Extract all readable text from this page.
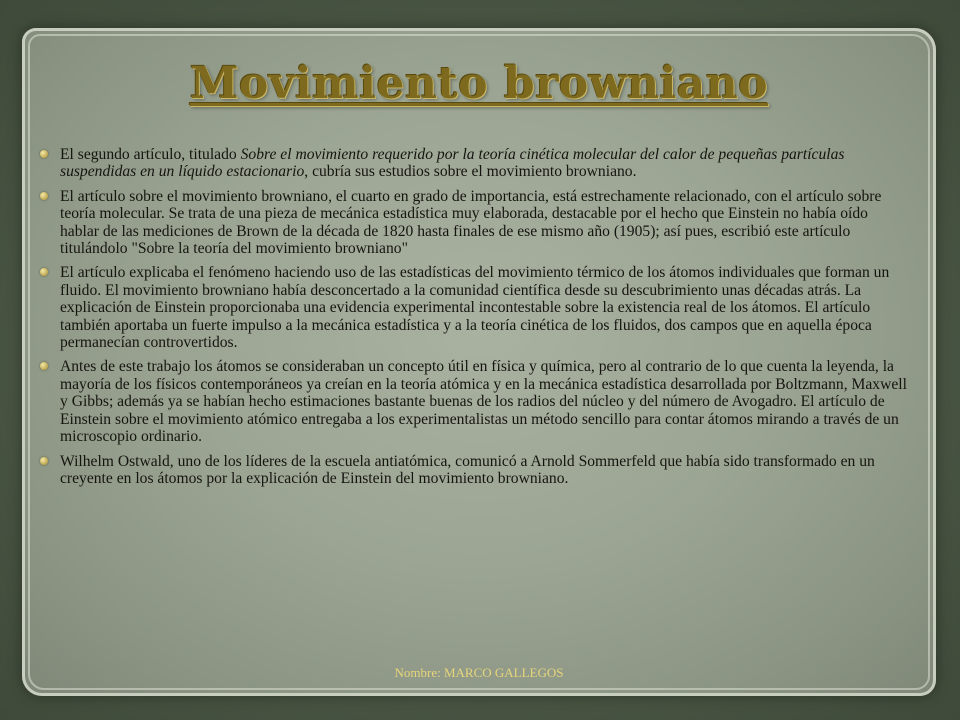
Movimiento browniano
El segundo artículo, titulado Sobre el movimiento requerido por la teoría cinética molecular del calor de pequeñas partículas suspendidas en un líquido estacionario, cubría sus estudios sobre el movimiento browniano.
El artículo sobre el movimiento browniano, el cuarto en grado de importancia, está estrechamente relacionado, con el artículo sobre teoría molecular. Se trata de una pieza de mecánica estadística muy elaborada, destacable por el hecho que Einstein no había oído hablar de las mediciones de Brown de la década de 1820 hasta finales de ese mismo año (1905); así pues, escribió este artículo titulándolo "Sobre la teoría del movimiento browniano"
El artículo explicaba el fenómeno haciendo uso de las estadísticas del movimiento térmico de los átomos individuales que forman un fluido. El movimiento browniano había desconcertado a la comunidad científica desde su descubrimiento unas décadas atrás. La explicación de Einstein proporcionaba una evidencia experimental incontestable sobre la existencia real de los átomos. El artículo también aportaba un fuerte impulso a la mecánica estadística y a la teoría cinética de los fluidos, dos campos que en aquella época permanecían controvertidos.
Antes de este trabajo los átomos se consideraban un concepto útil en física y química, pero al contrario de lo que cuenta la leyenda, la mayoría de los físicos contemporáneos ya creían en la teoría atómica y en la mecánica estadística desarrollada por Boltzmann, Maxwell y Gibbs; además ya se habían hecho estimaciones bastante buenas de los radios del núcleo y del número de Avogadro. El artículo de Einstein sobre el movimiento atómico entregaba a los experimentalistas un método sencillo para contar átomos mirando a través de un microscopio ordinario.
Wilhelm Ostwald, uno de los líderes de la escuela antiatómica, comunicó a Arnold Sommerfeld que había sido transformado en un creyente en los átomos por la explicación de Einstein del movimiento browniano.
Nombre: MARCO GALLEGOS
